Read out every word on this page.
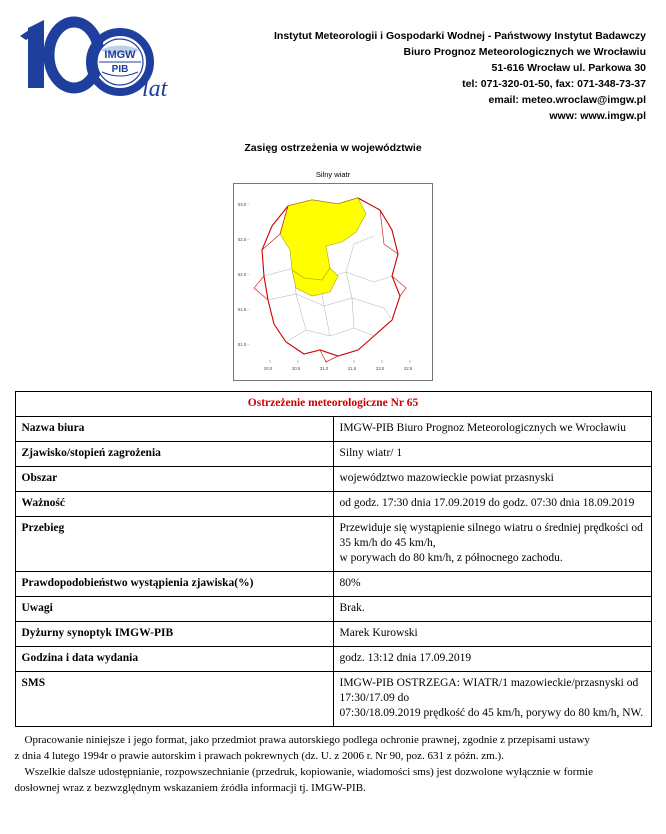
IMGW
PIB
lat
Instytut Meteorologii i Gospodarki Wodnej - Państwowy Instytut Badawczy
Biuro Prognoz Meteorologicznych we Wrocławiu
51-616 Wrocław ul. Parkowa 30
tel: 071-320-01-50, fax: 071-348-73-37
email: meteo.wroclaw@imgw.pl
www: www.imgw.pl
Zasięg ostrzeżenia w województwie
Silny wiatr
53.0 -
52.5 -
52.0 -
51.5 -
51.0 -
20.0	20.5	21.0	21.5	22.0	22.5
Ostrzeżenie meteorologiczne Nr 65	
Nazwa biura	IMGW-PIB Biuro Prognoz Meteorologicznych we Wrocławiu

Zjawisko/stopień zagrożenia	Silny wiatr/ 1

Obszar	województwo mazowieckie powiat przasnyski

Ważność	od godz. 17:30 dnia 17.09.2019 do godz. 07:30 dnia 18.09.2019

Przebieg	Przewiduje się wystąpienie silnego wiatru o średniej prędkości od 35 km/h do 45 km/h,
w porywach do 80 km/h, z północnego zachodu.

Prawdopodobieństwo wystąpienia zjawiska(%)	80%

Uwagi	Brak.

Dyżurny synoptyk IMGW-PIB	Marek Kurowski

Godzina i data wydania	godz. 13:12 dnia 17.09.2019

SMS	IMGW-PIB OSTRZEGA: WIATR/1 mazowieckie/przasnyski od 17:30/17.09 do
07:30/18.09.2019 prędkość do 45 km/h, porywy do 80 km/h, NW.

Opracowanie niniejsze i jego format, jako przedmiot prawa autorskiego podlega ochronie prawnej, zgodnie z przepisami ustawy

z dnia 4 lutego 1994r o prawie autorskim i prawach pokrewnych (dz. U. z 2006 r. Nr 90, poz. 631 z późn. zm.).

Wszelkie dalsze udostępnianie, rozpowszechnianie (przedruk, kopiowanie, wiadomości sms) jest dozwolone wyłącznie w formie

dosłownej wraz z bezwzględnym wskazaniem źródła informacji tj. IMGW-PIB.
